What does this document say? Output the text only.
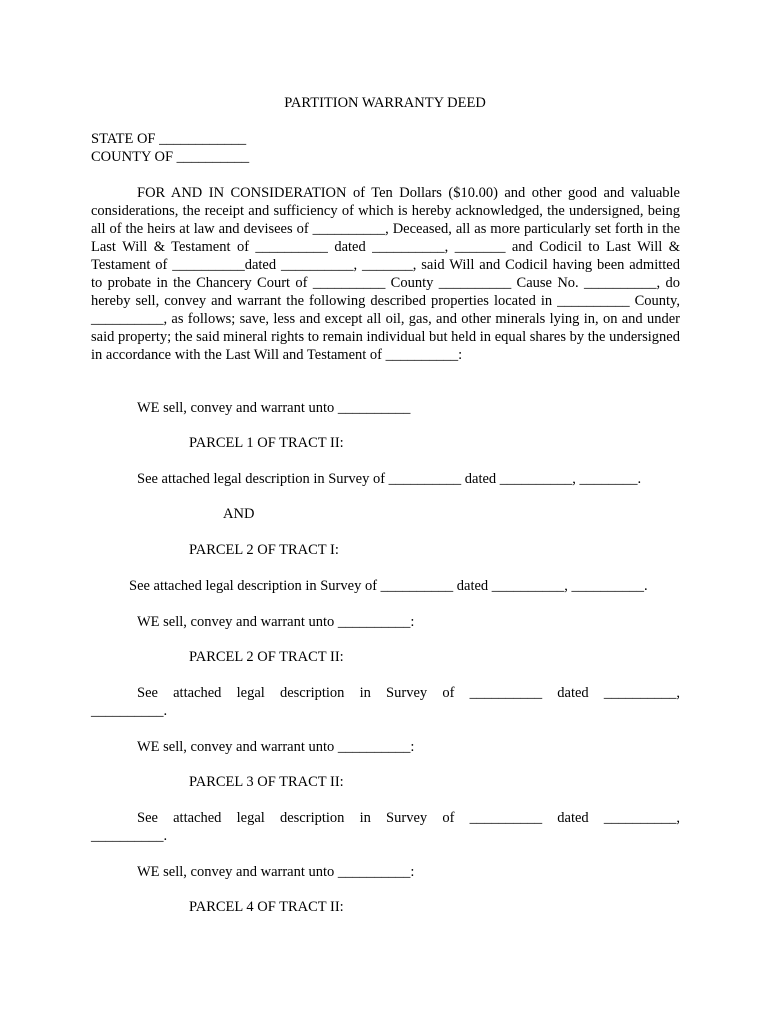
PARTITION WARRANTY DEED
STATE OF ____________
COUNTY OF __________
FOR AND IN CONSIDERATION of Ten Dollars ($10.00) and other good and valuable considerations, the receipt and sufficiency of which is hereby acknowledged, the undersigned, being all of the heirs at law and devisees of __________, Deceased, all as more particularly set forth in the Last Will & Testament of __________ dated __________, _______ and Codicil to Last Will & Testament of __________dated __________, _______, said Will and Codicil having been admitted to probate in the Chancery Court of __________ County __________ Cause No. __________, do hereby sell, convey and warrant the following described properties located in __________ County, __________, as follows; save, less and except all oil, gas, and other minerals lying in, on and under said property; the said mineral rights to remain individual but held in equal shares by the undersigned in accordance with the Last Will and Testament of __________:
WE sell, convey and warrant unto __________
PARCEL 1 OF TRACT II:
See attached legal description in Survey of __________ dated __________, ________.
AND
PARCEL 2 OF TRACT I:
See attached legal description in Survey of __________ dated __________, __________.
WE sell, convey and warrant unto __________:
PARCEL 2 OF TRACT II:
See attached legal description in Survey of __________ dated __________, __________.
WE sell, convey and warrant unto __________:
PARCEL 3 OF TRACT II:
See attached legal description in Survey of __________ dated __________, __________.
WE sell, convey and warrant unto __________:
PARCEL 4 OF TRACT II:
